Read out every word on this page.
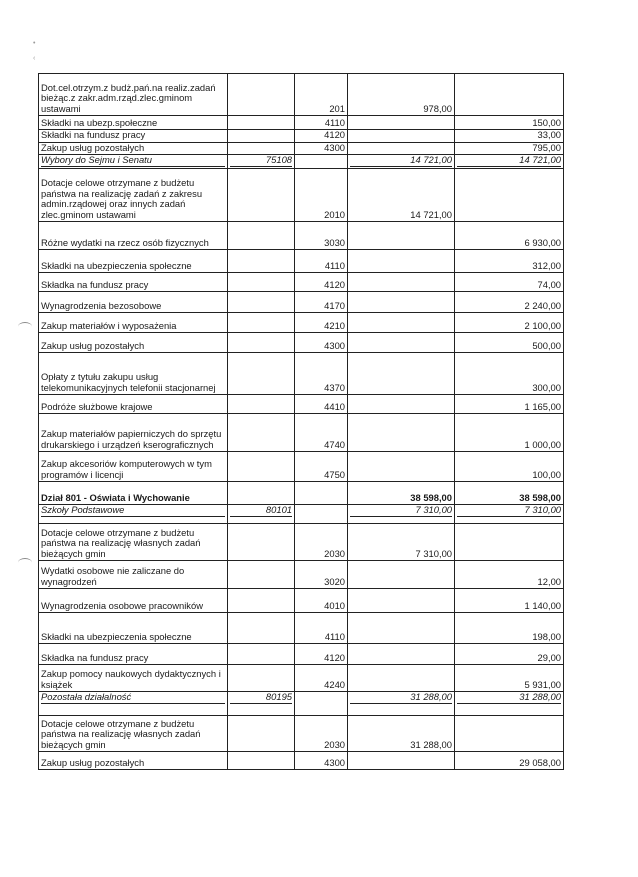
•
‹
Dot.cel.otrzym.z budż.pań.na realiz.zadań bieżąc.z zakr.adm.rząd.zlec.gminom ustawami		201	978,00	
Składki na ubezp.społeczne		4110		150,00
Składki na fundusz pracy		4120		33,00
Zakup usług pozostałych		4300		795,00

Wybory do Sejmu i Senatu	75108		14 721,00	14 721,00

Dotacje celowe otrzymane z budżetu państwa na realizację zadań z zakresu admin.rządowej oraz innych zadań zlec.gminom ustawami		2010	14 721,00	
Różne wydatki na rzecz osób fizycznych		3030		6 930,00
Składki na ubezpieczenia społeczne		4110		312,00
Składka na fundusz pracy		4120		74,00
Wynagrodzenia bezosobowe		4170		2 240,00
Zakup materiałów i wyposażenia		4210		2 100,00
Zakup usług pozostałych		4300		500,00
Opłaty z tytułu zakupu usług telekomunikacyjnych telefonii stacjonarnej		4370		300,00
Podróże służbowe krajowe		4410		1 165,00
Zakup materiałów papierniczych do sprzętu drukarskiego i urządzeń kserograficznych		4740		1 000,00
Zakup akcesoriów komputerowych w tym programów i licencji		4750		100,00
Dział 801 - Oświata i Wychowanie			38 598,00	38 598,00

Szkoły Podstawowe	80101		7 310,00	7 310,00

Dotacje celowe otrzymane z budżetu państwa na realizację własnych zadań bieżących gmin		2030	7 310,00	
Wydatki osobowe nie zaliczane do wynagrodzeń		3020		12,00
Wynagrodzenia osobowe pracowników		4010		1 140,00
Składki na ubezpieczenia społeczne		4110		198,00
Składka na fundusz pracy		4120		29,00
Zakup pomocy naukowych dydaktycznych i książek		4240		5 931,00

Pozostała działalność	80195		31 288,00	31 288,00

Dotacje celowe otrzymane z budżetu państwa na realizację własnych zadań bieżących gmin		2030	31 288,00	
Zakup usług pozostałych		4300		29 058,00
